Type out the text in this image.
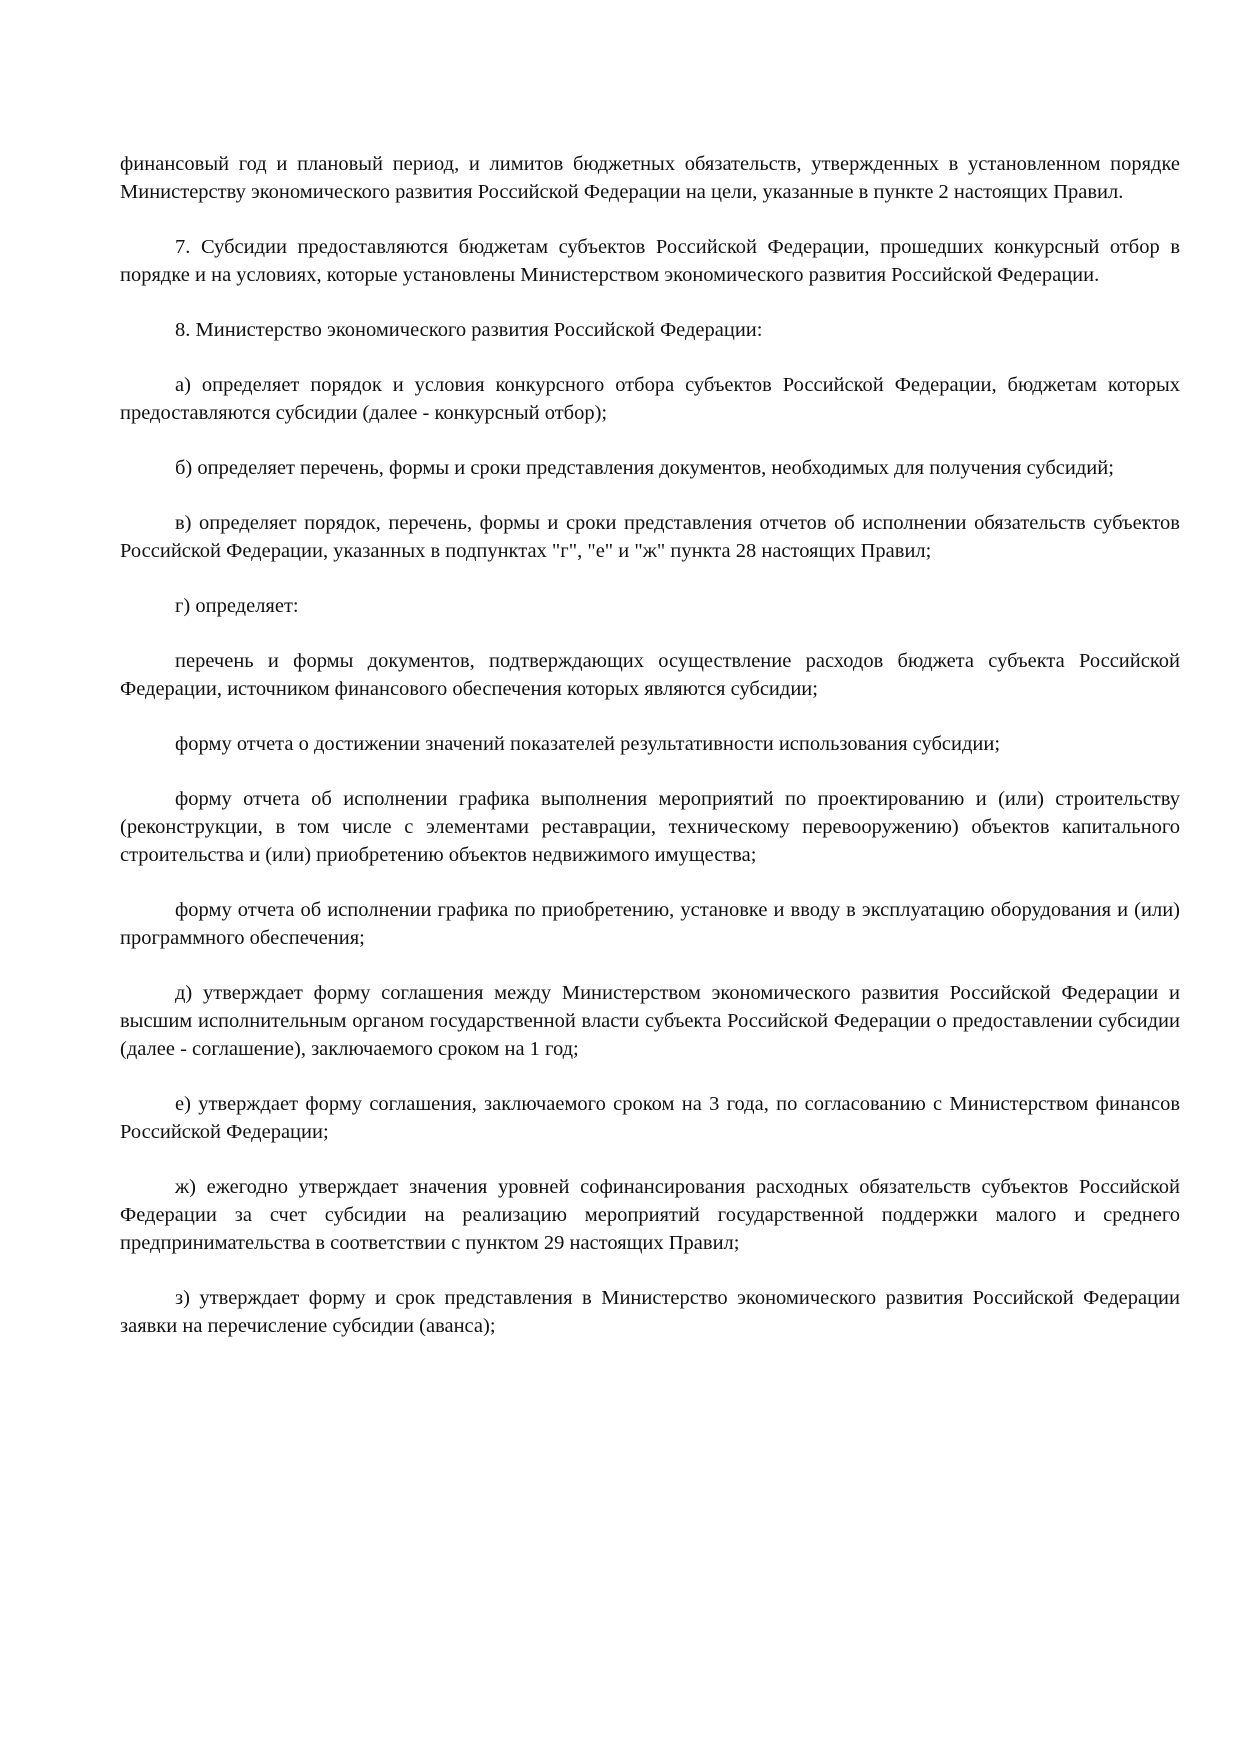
финансовый год и плановый период, и лимитов бюджетных обязательств, утвержденных в установленном порядке Министерству экономического развития Российской Федерации на цели, указанные в пункте 2 настоящих Правил.

7. Субсидии предоставляются бюджетам субъектов Российской Федерации, прошедших конкурсный отбор в порядке и на условиях, которые установлены Министерством экономического развития Российской Федерации.

8. Министерство экономического развития Российской Федерации:

а) определяет порядок и условия конкурсного отбора субъектов Российской Федерации, бюджетам которых предоставляются субсидии (далее - конкурсный отбор);

б) определяет перечень, формы и сроки представления документов, необходимых для получения субсидий;

в) определяет порядок, перечень, формы и сроки представления отчетов об исполнении обязательств субъектов Российской Федерации, указанных в подпунктах "г", "е" и "ж" пункта 28 настоящих Правил;

г) определяет:

перечень и формы документов, подтверждающих осуществление расходов бюджета субъекта Российской Федерации, источником финансового обеспечения которых являются субсидии;

форму отчета о достижении значений показателей результативности использования субсидии;

форму отчета об исполнении графика выполнения мероприятий по проектированию и (или) строительству (реконструкции, в том числе с элементами реставрации, техническому перевооружению) объектов капитального строительства и (или) приобретению объектов недвижимого имущества;

форму отчета об исполнении графика по приобретению, установке и вводу в эксплуатацию оборудования и (или) программного обеспечения;

д) утверждает форму соглашения между Министерством экономического развития Российской Федерации и высшим исполнительным органом государственной власти субъекта Российской Федерации о предоставлении субсидии (далее - соглашение), заключаемого сроком на 1 год;

е) утверждает форму соглашения, заключаемого сроком на 3 года, по согласованию с Министерством финансов Российской Федерации;

ж) ежегодно утверждает значения уровней софинансирования расходных обязательств субъектов Российской Федерации за счет субсидии на реализацию мероприятий государственной поддержки малого и среднего предпринимательства в соответствии с пунктом 29 настоящих Правил;

з) утверждает форму и срок представления в Министерство экономического развития Российской Федерации заявки на перечисление субсидии (аванса);
